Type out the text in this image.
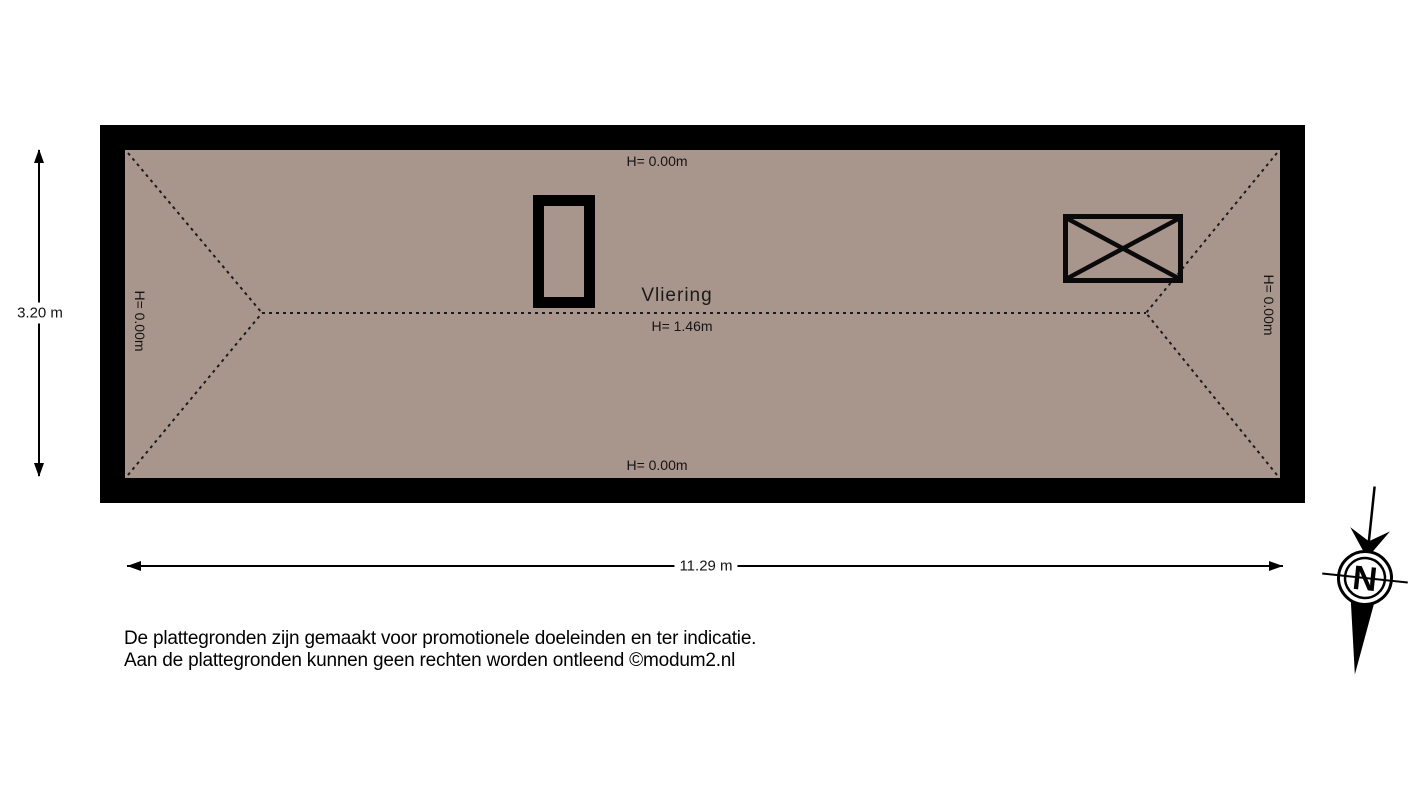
H= 0.00m
Vliering
H= 1.46m
H= 0.00m
H= 0.00m	H= 0.00m
3.20 m
11.29 m	N
De plattegronden zijn gemaakt voor promotionele doeleinden en ter indicatie.
Aan de plattegronden kunnen geen rechten worden ontleend ©modum2.nl
